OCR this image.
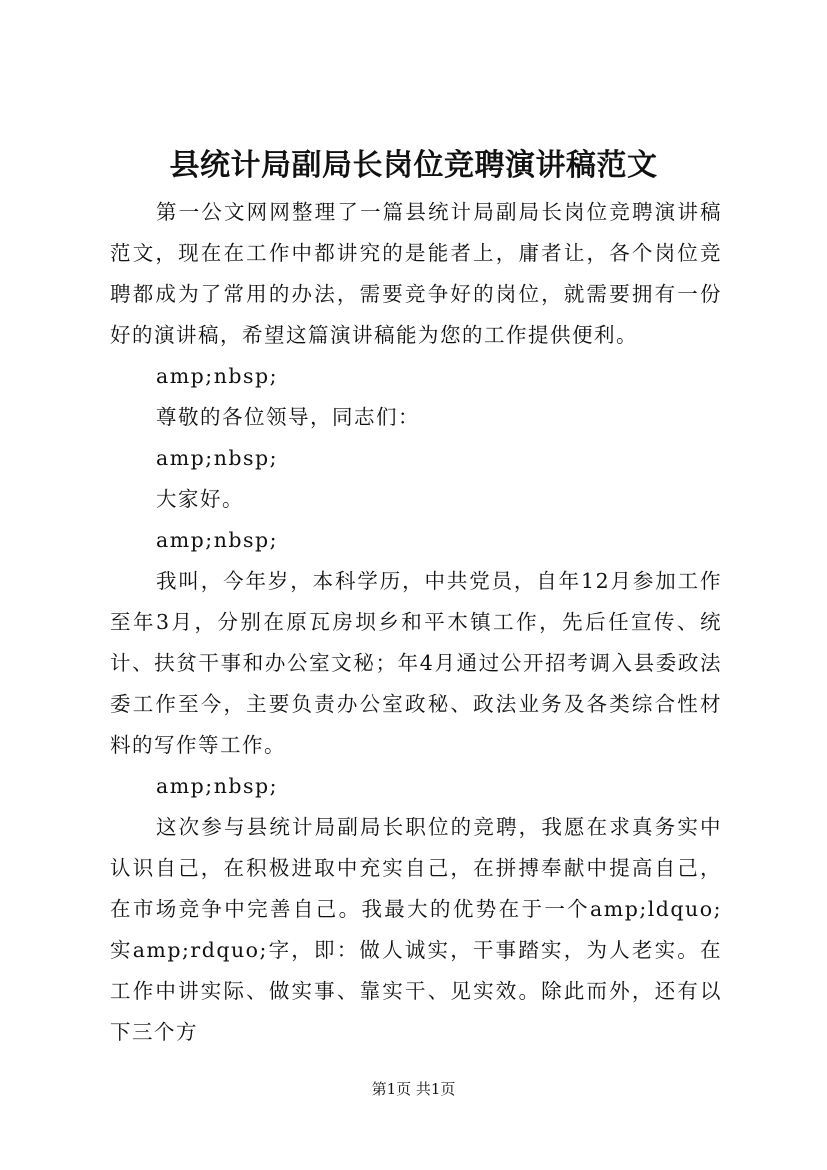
县统计局副局长岗位竞聘演讲稿范文

第一公文网网整理了一篇县统计局副局长岗位竞聘演讲稿范文，现在在工作中都讲究的是能者上，庸者让，各个岗位竞聘都成为了常用的办法，需要竞争好的岗位，就需要拥有一份好的演讲稿，希望这篇演讲稿能为您的工作提供便利。

amp;nbsp;

尊敬的各位领导，同志们：

amp;nbsp;

大家好。

amp;nbsp;

我叫，今年岁，本科学历，中共党员，自年12月参加工作至年3月，分别在原瓦房坝乡和平木镇工作，先后任宣传、统计、扶贫干事和办公室文秘；年4月通过公开招考调入县委政法委工作至今，主要负责办公室政秘、政法业务及各类综合性材料的写作等工作。

amp;nbsp;

这次参与县统计局副局长职位的竞聘，我愿在求真务实中认识自己，在积极进取中充实自己，在拼搏奉献中提高自己，在市场竞争中完善自己。我最大的优势在于一个amp;ldquo;实amp;rdquo;字，即：做人诚实，干事踏实，为人老实。在工作中讲实际、做实事、靠实干、见实效。除此而外，还有以下三个方

第1页 共1页
